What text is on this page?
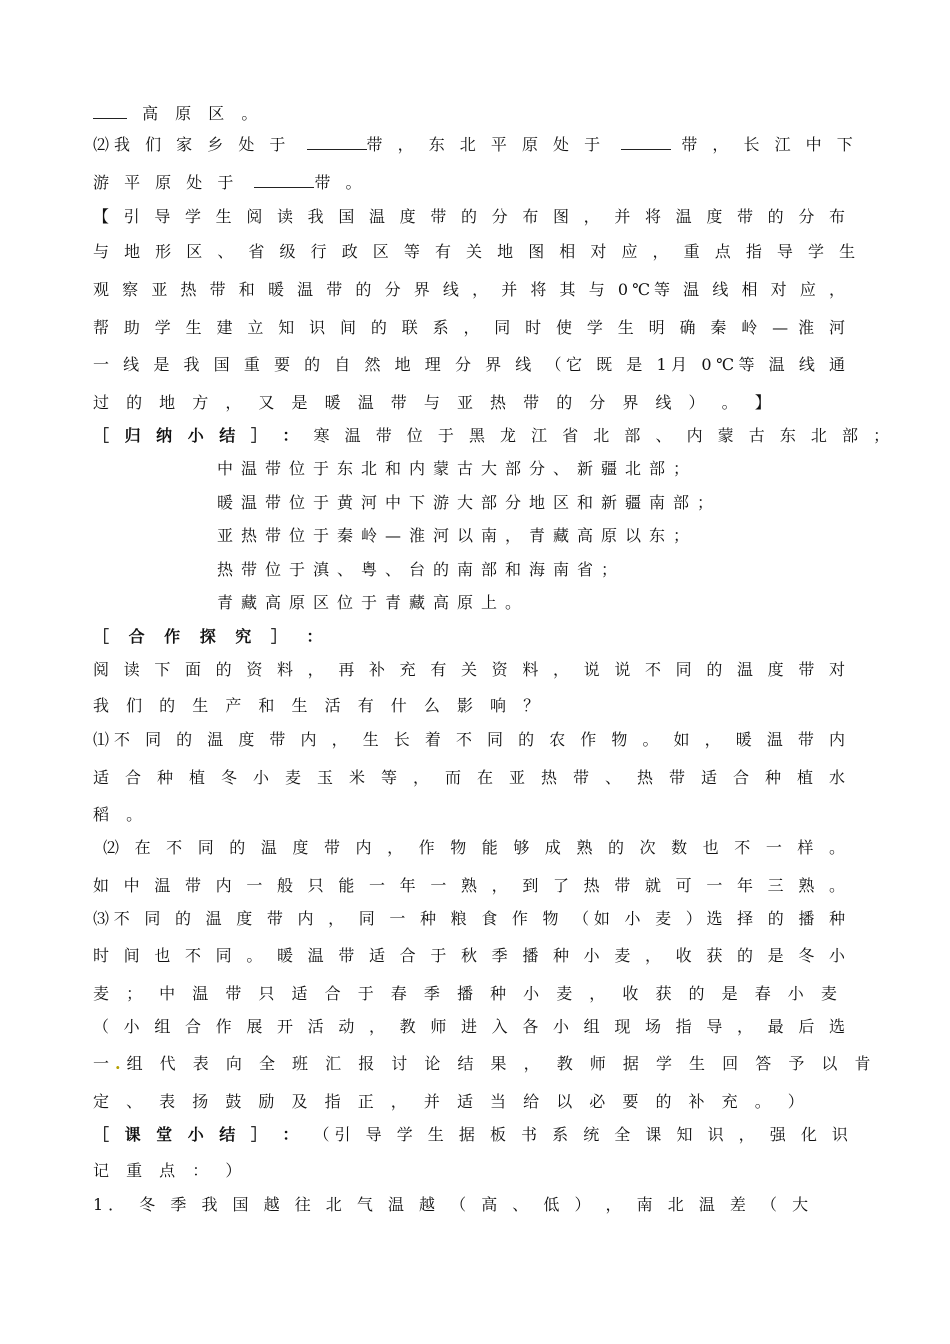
高 原 区 。
⑵我 们 家 乡 处 于	带 ， 东 北 平 原 处 于	带 ， 长 江 中 下
游 平 原 处 于	带 。
【 引 导 学 生 阅 读 我 国 温 度 带 的 分 布 图 ， 并 将 温 度 带 的 分 布
与 地 形 区 、 省 级 行 政 区 等 有 关 地 图 相 对 应 ， 重 点 指 导 学 生
观 察 亚 热 带 和 暖 温 带 的 分 界 线 ， 并 将 其 与 0℃等 温 线 相 对 应 ，
帮 助 学 生 建 立 知 识 间 的 联 系 ， 同 时 使 学 生 明 确 秦 岭 — 淮 河
一 线 是 我 国 重 要 的 自 然 地 理 分 界 线 （它 既 是 1月 0℃等 温 线 通
过 的 地 方 ， 又 是 暖 温 带 与 亚 热 带 的 分 界 线 ） 。 】
［ 归 纳 小 结 ］ ： 寒 温 带 位 于 黑 龙 江 省 北 部 、 内 蒙 古 东 北 部 ；
中温带位于东北和内蒙古大部分、新疆北部；
暖温带位于黄河中下游大部分地区和新疆南部；
亚热带位于秦岭—淮河以南，青藏高原以东；
热带位于滇、粤、台的南部和海南省；
青藏高原区位于青藏高原上。
［ 合 作 探 究 ］ ：
阅 读 下 面 的 资 料 ， 再 补 充 有 关 资 料 ， 说 说 不 同 的 温 度 带 对
我 们 的 生 产 和 生 活 有 什 么 影 响 ？
⑴不 同 的 温 度 带 内 ， 生 长 着 不 同 的 农 作 物 。 如 ， 暖 温 带 内
适 合 种 植 冬 小 麦 玉 米 等 ， 而 在 亚 热 带 、 热 带 适 合 种 植 水
稻 。
⑵ 在 不 同 的 温 度 带 内 ， 作 物 能 够 成 熟 的 次 数 也 不 一 样 。
如 中 温 带 内 一 般 只 能 一 年 一 熟 ， 到 了 热 带 就 可 一 年 三 熟 。
⑶不 同 的 温 度 带 内 ， 同 一 种 粮 食 作 物 （如 小 麦 ）选 择 的 播 种
时 间 也 不 同 。 暖 温 带 适 合 于 秋 季 播 种 小 麦 ， 收 获 的 是 冬 小
麦 ； 中 温 带 只 适 合 于 春 季 播 种 小 麦 ， 收 获 的 是 春 小 麦
（ 小 组 合 作 展 开 活 动 ， 教 师 进 入 各 小 组 现 场 指 导 ， 最 后 选
一.组 代 表 向 全 班 汇 报 讨 论 结 果 ， 教 师 据 学 生 回 答 予 以 肯
定 、 表 扬 鼓 励 及 指 正 ， 并 适 当 给 以 必 要 的 补 充 。 ）
［ 课 堂 小 结 ］ ： （引 导 学 生 据 板 书 系 统 全 课 知 识 ， 强 化 识
记 重 点 ： ）
1． 冬 季 我 国 越 往 北 气 温 越 （ 高 、 低 ） ， 南 北 温 差 （ 大
